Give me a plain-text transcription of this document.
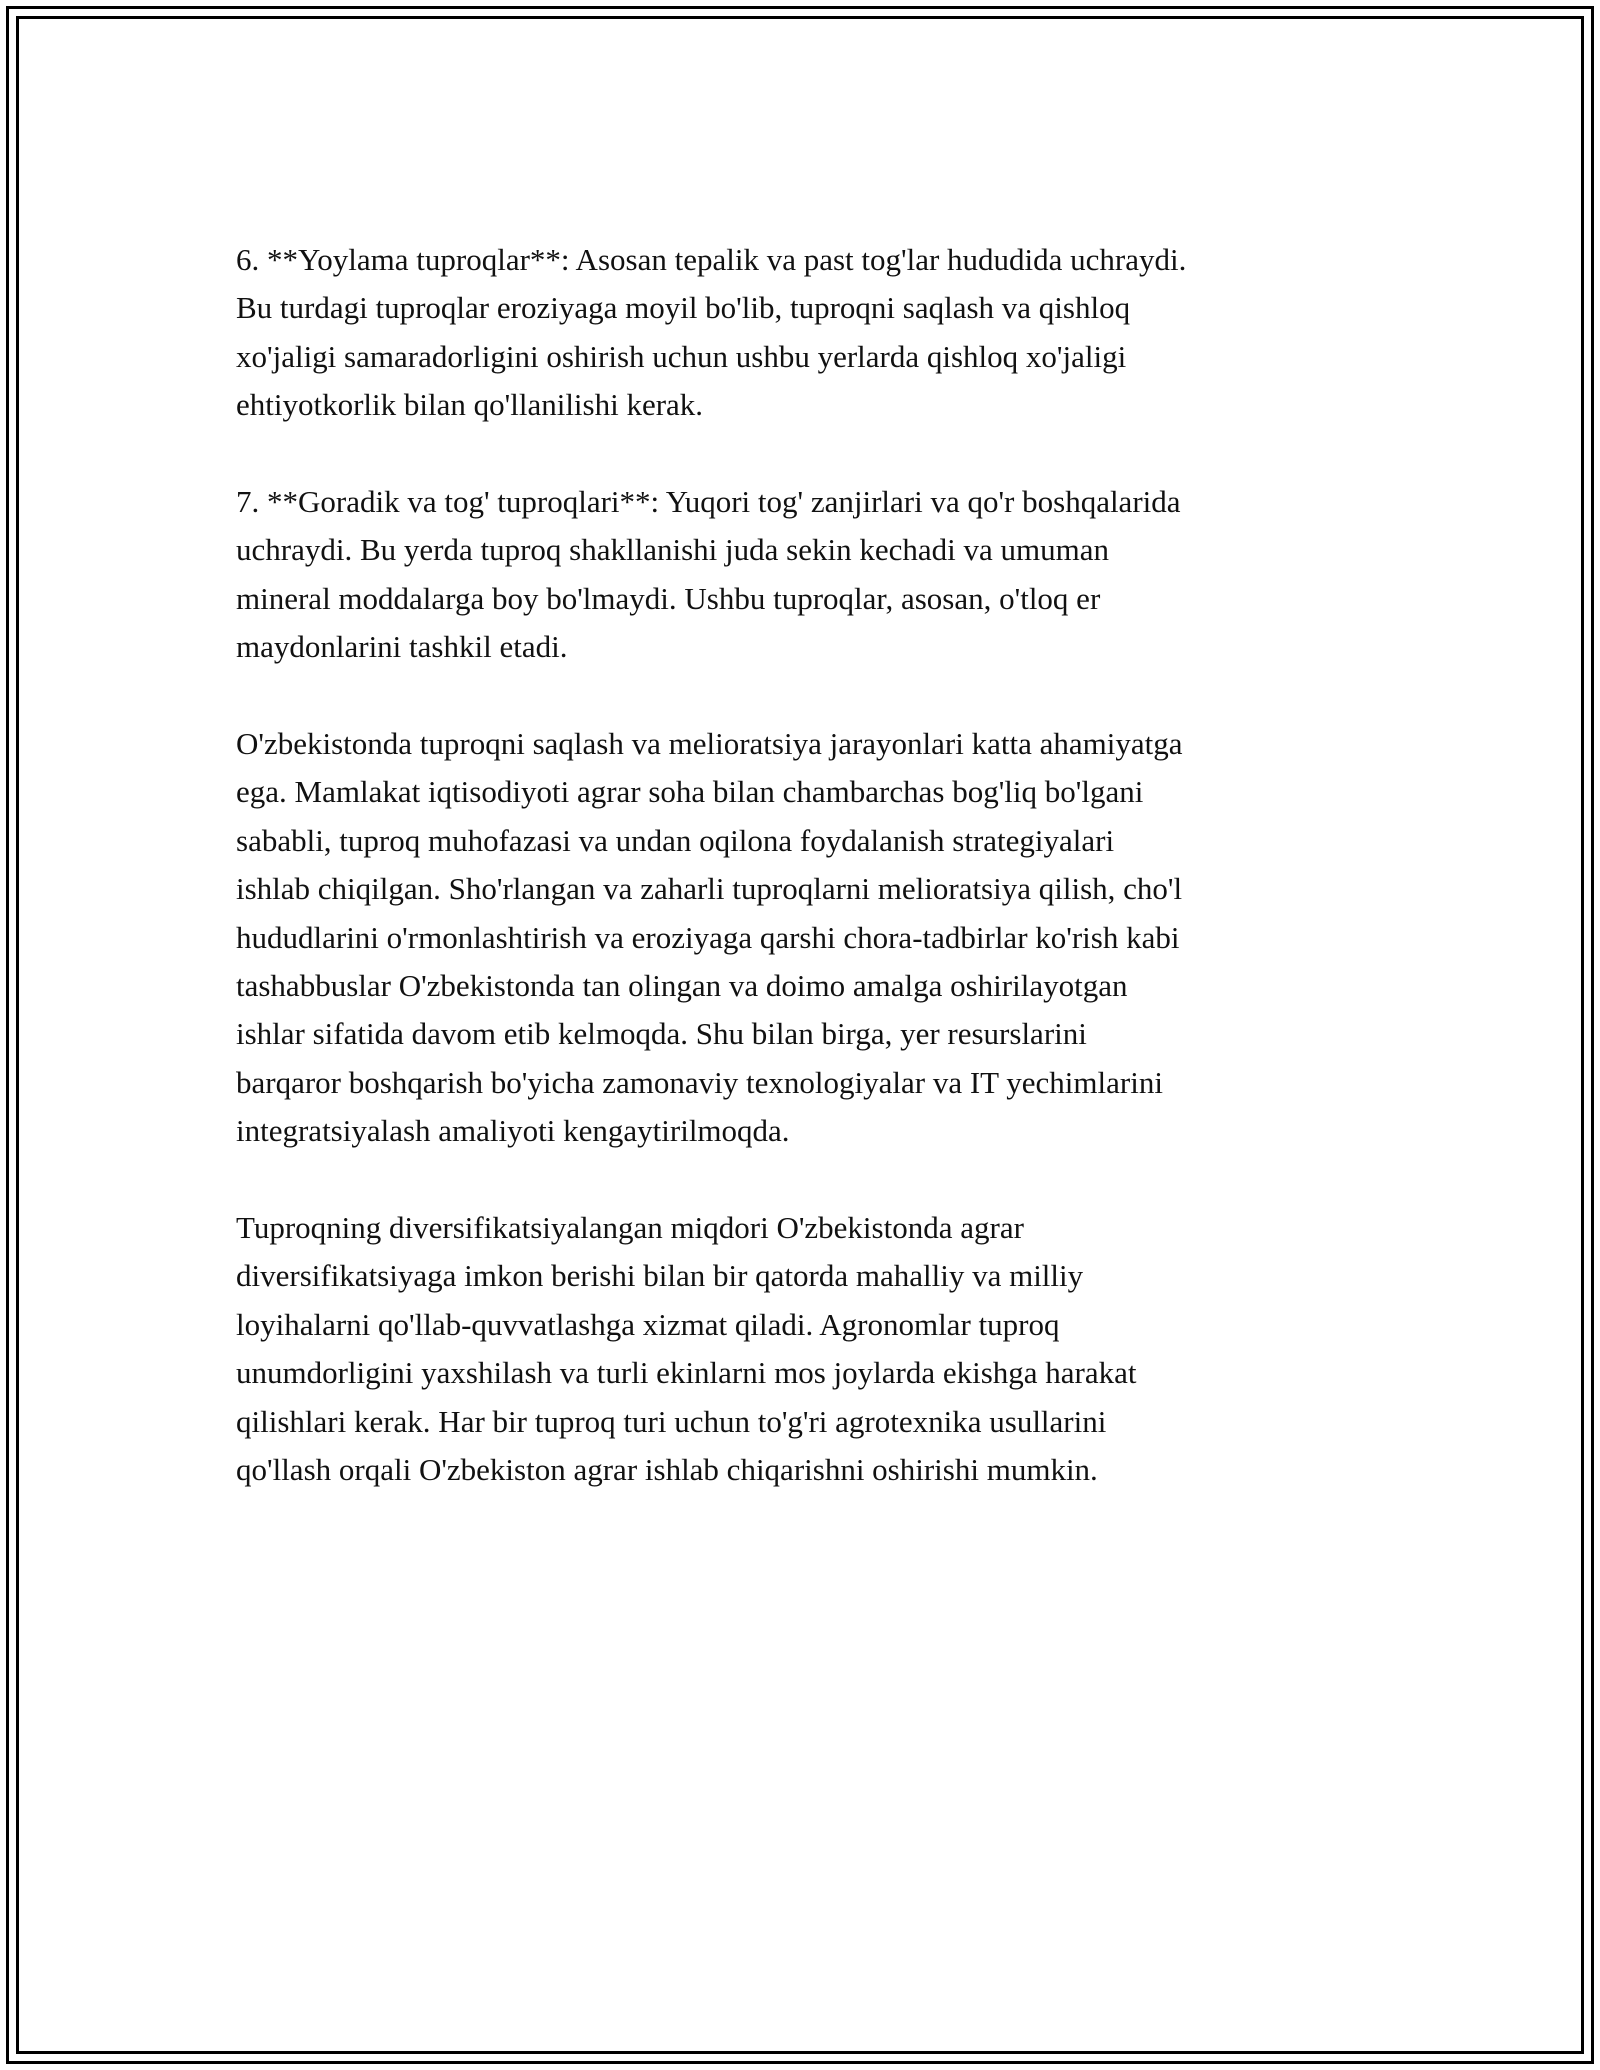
6. **Yoylama tuproqlar**: Asosan tepalik va past tog'lar hududida uchraydi.
Bu turdagi tuproqlar eroziyaga moyil bo'lib, tuproqni saqlash va qishloq
xo'jaligi samaradorligini oshirish uchun ushbu yerlarda qishloq xo'jaligi
ehtiyotkorlik bilan qo'llanilishi kerak.

7. **Goradik va tog' tuproqlari**: Yuqori tog' zanjirlari va qo'r boshqalarida
uchraydi. Bu yerda tuproq shakllanishi juda sekin kechadi va umuman
mineral moddalarga boy bo'lmaydi. Ushbu tuproqlar, asosan, o'tloq er
maydonlarini tashkil etadi.

O'zbekistonda tuproqni saqlash va melioratsiya jarayonlari katta ahamiyatga
ega. Mamlakat iqtisodiyoti agrar soha bilan chambarchas bog'liq bo'lgani
sababli, tuproq muhofazasi va undan oqilona foydalanish strategiyalari
ishlab chiqilgan. Sho'rlangan va zaharli tuproqlarni melioratsiya qilish, cho'l
hududlarini o'rmonlashtirish va eroziyaga qarshi chora-tadbirlar ko'rish kabi
tashabbuslar O'zbekistonda tan olingan va doimo amalga oshirilayotgan
ishlar sifatida davom etib kelmoqda. Shu bilan birga, yer resurslarini
barqaror boshqarish bo'yicha zamonaviy texnologiyalar va IT yechimlarini
integratsiyalash amaliyoti kengaytirilmoqda.

Tuproqning diversifikatsiyalangan miqdori O'zbekistonda agrar
diversifikatsiyaga imkon berishi bilan bir qatorda mahalliy va milliy
loyihalarni qo'llab-quvvatlashga xizmat qiladi. Agronomlar tuproq
unumdorligini yaxshilash va turli ekinlarni mos joylarda ekishga harakat
qilishlari kerak. Har bir tuproq turi uchun to'g'ri agrotexnika usullarini
qo'llash orqali O'zbekiston agrar ishlab chiqarishni oshirishi mumkin.
